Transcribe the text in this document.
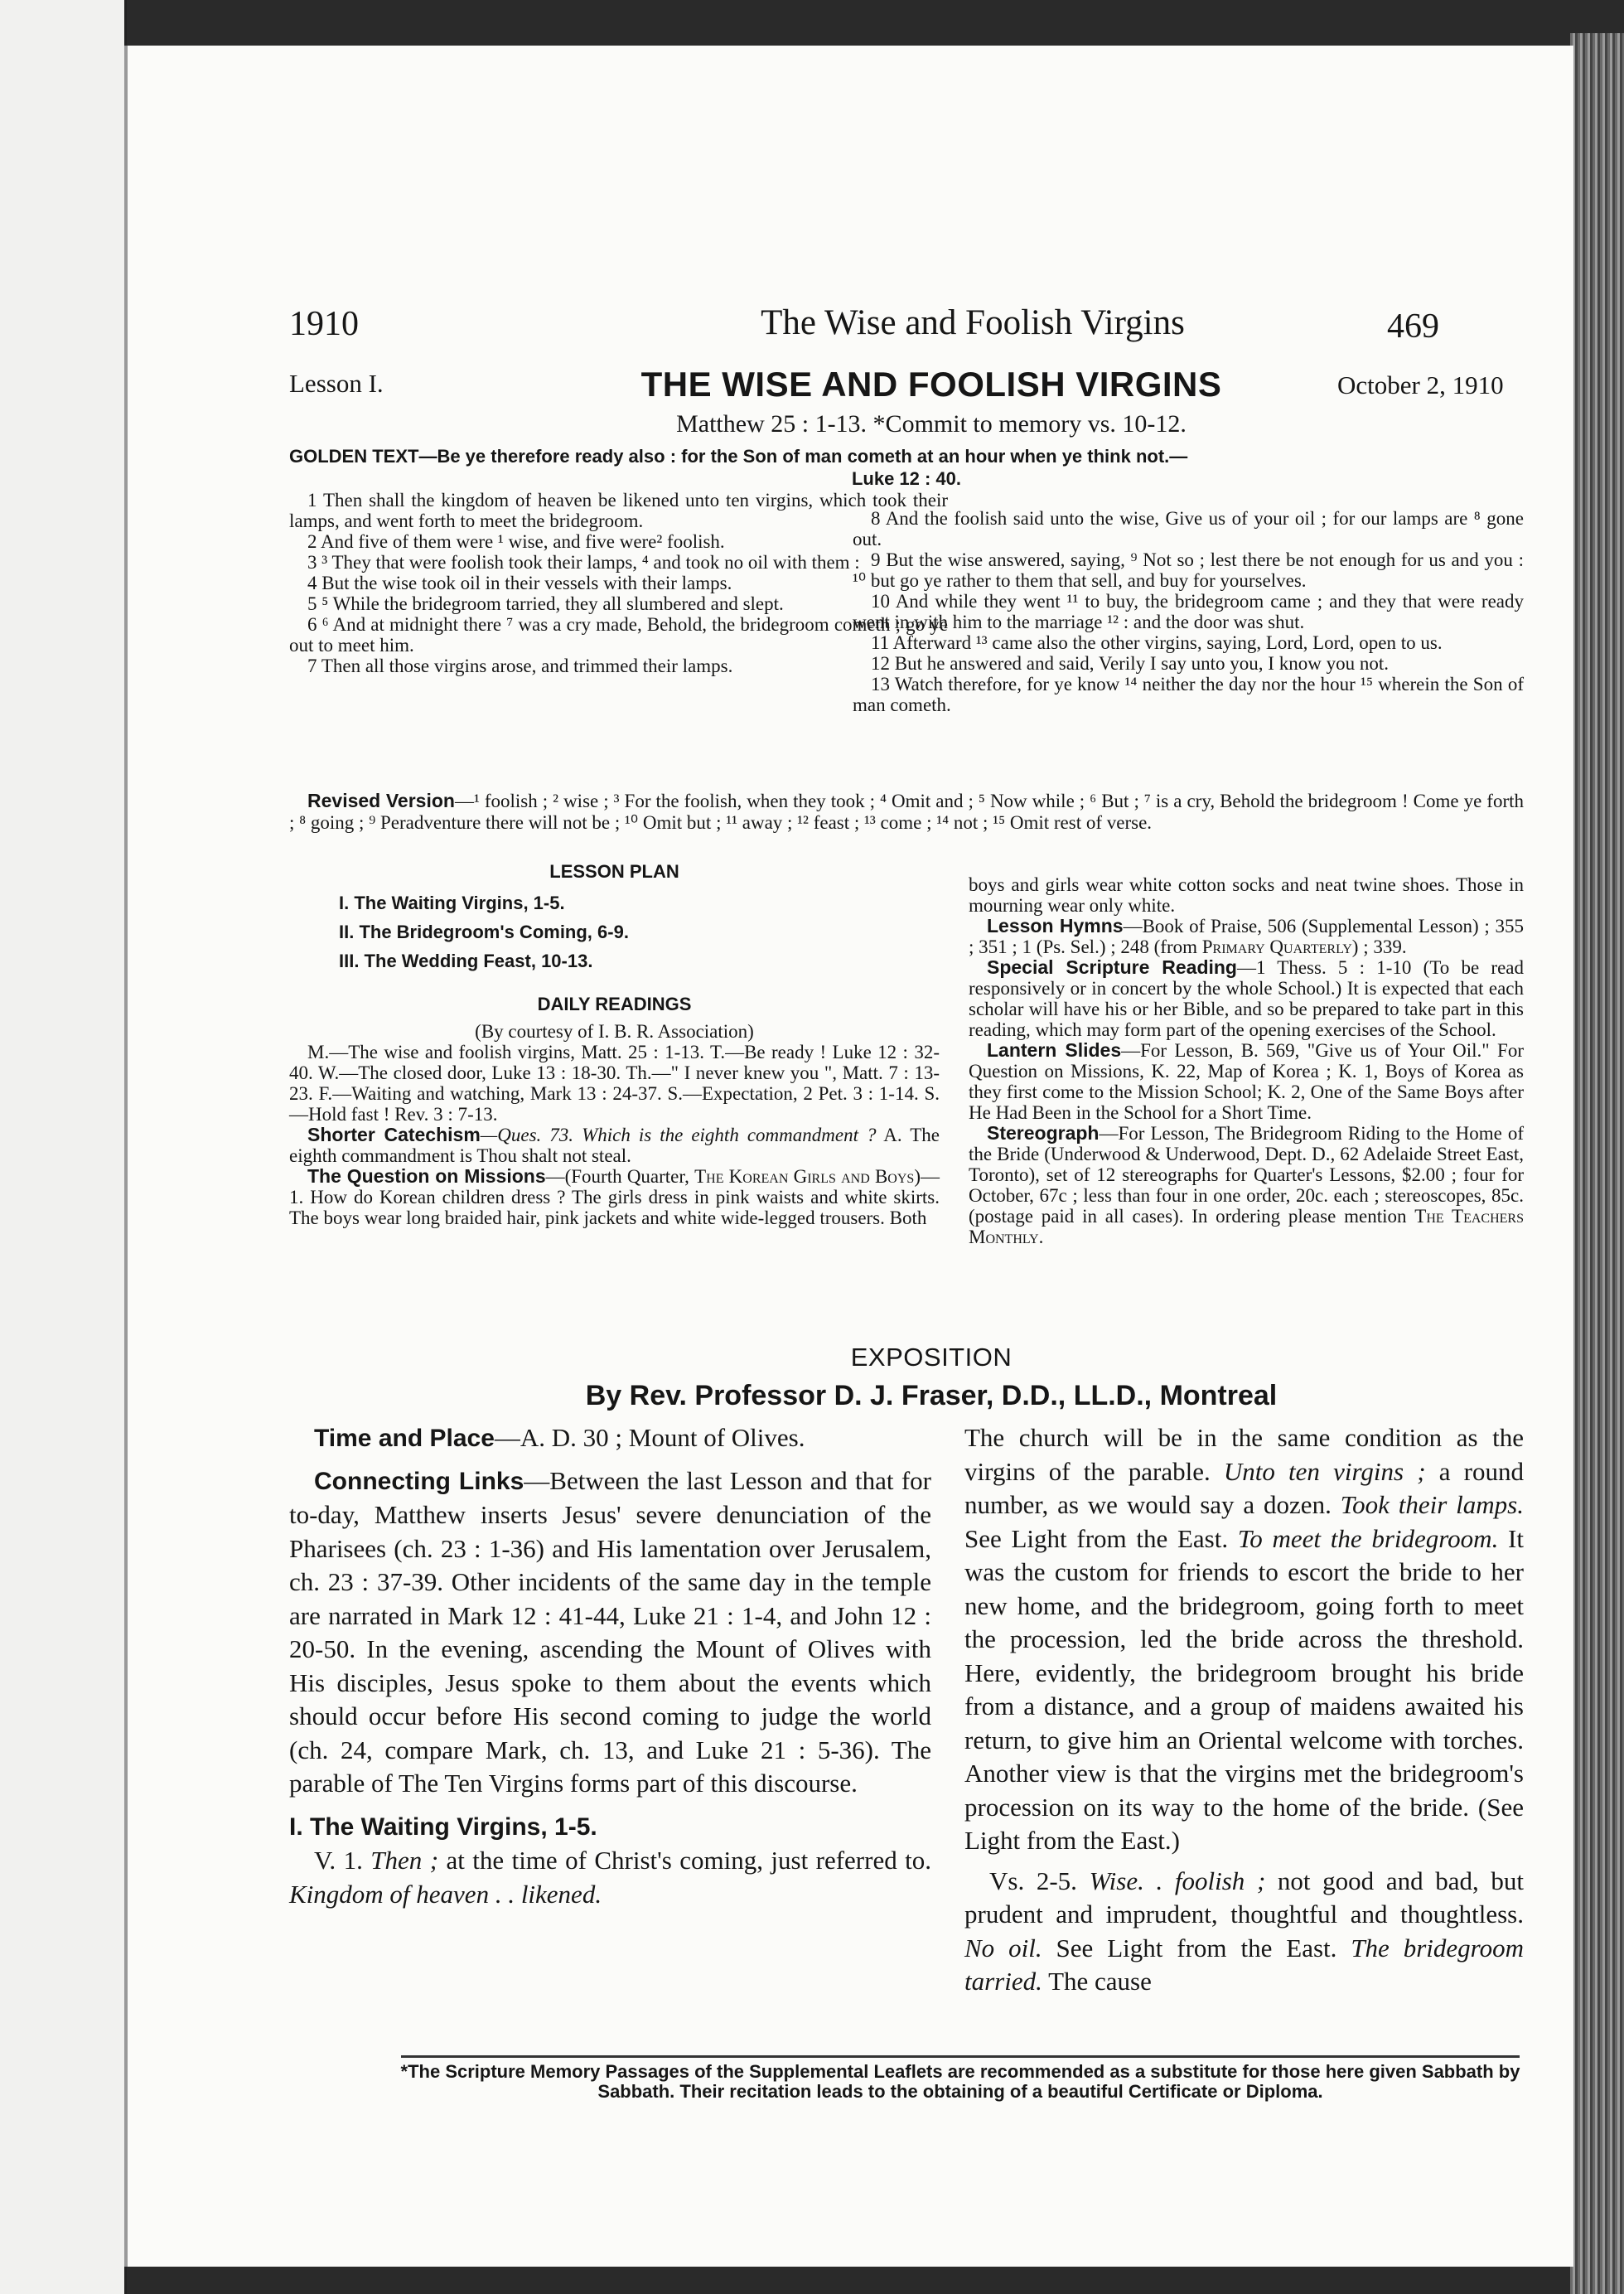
1910	The Wise and Foolish Virgins	469
Lesson I.	THE WISE AND FOOLISH VIRGINS	October 2, 1910
Matthew 25 : 1-13. *Commit to memory vs. 10-12.
GOLDEN TEXT—Be ye therefore ready also : for the Son of man cometh at an hour when ye think not.—
Luke 12 : 40.

1 Then shall the kingdom of heaven be likened unto ten virgins, which took their lamps, and went forth to meet the bridegroom.

2 And five of them were ¹ wise, and five were² foolish.

3 ³ They that were foolish took their lamps, ⁴ and took no oil with them :

4 But the wise took oil in their vessels with their lamps.

5 ⁵ While the bridegroom tarried, they all slumbered and slept.

6 ⁶ And at midnight there ⁷ was a cry made, Behold, the bridegroom cometh ; go ye out to meet him.

7 Then all those virgins arose, and trimmed their lamps.

8 And the foolish said unto the wise, Give us of your oil ; for our lamps are ⁸ gone out.

9 But the wise answered, saying, ⁹ Not so ; lest there be not enough for us and you : ¹⁰ but go ye rather to them that sell, and buy for yourselves.

10 And while they went ¹¹ to buy, the bridegroom came ; and they that were ready went in with him to the marriage ¹² : and the door was shut.

11 Afterward ¹³ came also the other virgins, saying, Lord, Lord, open to us.

12 But he answered and said, Verily I say unto you, I know you not.

13 Watch therefore, for ye know ¹⁴ neither the day nor the hour ¹⁵ wherein the Son of man cometh.

Revised Version—¹ foolish ; ² wise ; ³ For the foolish, when they took ; ⁴ Omit and ; ⁵ Now while ; ⁶ But ; ⁷ is a cry, Behold the bridegroom ! Come ye forth ; ⁸ going ; ⁹ Peradventure there will not be ; ¹⁰ Omit but ; ¹¹ away ; ¹² feast ; ¹³ come ; ¹⁴ not ; ¹⁵ Omit rest of verse.

LESSON PLAN

I. The Waiting Virgins, 1-5.

II. The Bridegroom's Coming, 6-9.

III. The Wedding Feast, 10-13.

DAILY READINGS

(By courtesy of I. B. R. Association)

M.—The wise and foolish virgins, Matt. 25 : 1-13. T.—Be ready ! Luke 12 : 32-40. W.—The closed door, Luke 13 : 18-30. Th.—" I never knew you ", Matt. 7 : 13-23. F.—Waiting and watching, Mark 13 : 24-37. S.—Expectation, 2 Pet. 3 : 1-14. S.—Hold fast ! Rev. 3 : 7-13.

Shorter Catechism—Ques. 73. Which is the eighth commandment ? A. The eighth commandment is Thou shalt not steal.

The Question on Missions—(Fourth Quarter, The Korean Girls and Boys)—1. How do Korean children dress ? The girls dress in pink waists and white skirts. The boys wear long braided hair, pink jackets and white wide-legged trousers. Both

boys and girls wear white cotton socks and neat twine shoes. Those in mourning wear only white.

Lesson Hymns—Book of Praise, 506 (Supplemental Lesson) ; 355 ; 351 ; 1 (Ps. Sel.) ; 248 (from Primary Quarterly) ; 339.

Special Scripture Reading—1 Thess. 5 : 1-10 (To be read responsively or in concert by the whole School.) It is expected that each scholar will have his or her Bible, and so be prepared to take part in this reading, which may form part of the opening exercises of the School.

Lantern Slides—For Lesson, B. 569, "Give us of Your Oil." For Question on Missions, K. 22, Map of Korea ; K. 1, Boys of Korea as they first come to the Mission School; K. 2, One of the Same Boys after He Had Been in the School for a Short Time.

Stereograph—For Lesson, The Bridegroom Riding to the Home of the Bride (Underwood & Underwood, Dept. D., 62 Adelaide Street East, Toronto), set of 12 stereographs for Quarter's Lessons, $2.00 ; four for October, 67c ; less than four in one order, 20c. each ; stereoscopes, 85c. (postage paid in all cases). In ordering please mention The Teachers Monthly.

EXPOSITION
By Rev. Professor D. J. Fraser, D.D., LL.D., Montreal

Time and Place—A. D. 30 ; Mount of Olives.

Connecting Links—Between the last Lesson and that for to-day, Matthew inserts Jesus' severe denunciation of the Pharisees (ch. 23 : 1-36) and His lamentation over Jerusalem, ch. 23 : 37-39. Other incidents of the same day in the temple are narrated in Mark 12 : 41-44, Luke 21 : 1-4, and John 12 : 20-50. In the evening, ascending the Mount of Olives with His disciples, Jesus spoke to them about the events which should occur before His second coming to judge the world (ch. 24, compare Mark, ch. 13, and Luke 21 : 5-36). The parable of The Ten Virgins forms part of this discourse.

I. The Waiting Virgins, 1-5.

V. 1. Then ; at the time of Christ's coming, just referred to. Kingdom of heaven . . likened.

The church will be in the same condition as the virgins of the parable. Unto ten virgins ; a round number, as we would say a dozen. Took their lamps. See Light from the East. To meet the bridegroom. It was the custom for friends to escort the bride to her new home, and the bridegroom, going forth to meet the procession, led the bride across the threshold. Here, evidently, the bridegroom brought his bride from a distance, and a group of maidens awaited his return, to give him an Oriental welcome with torches. Another view is that the virgins met the bridegroom's procession on its way to the home of the bride. (See Light from the East.)

Vs. 2-5. Wise. . foolish ; not good and bad, but prudent and imprudent, thoughtful and thoughtless. No oil. See Light from the East. The bridegroom tarried. The cause

*The Scripture Memory Passages of the Supplemental Leaflets are recommended as a substitute for those here given Sabbath by Sabbath. Their recitation leads to the obtaining of a beautiful Certificate or Diploma.
